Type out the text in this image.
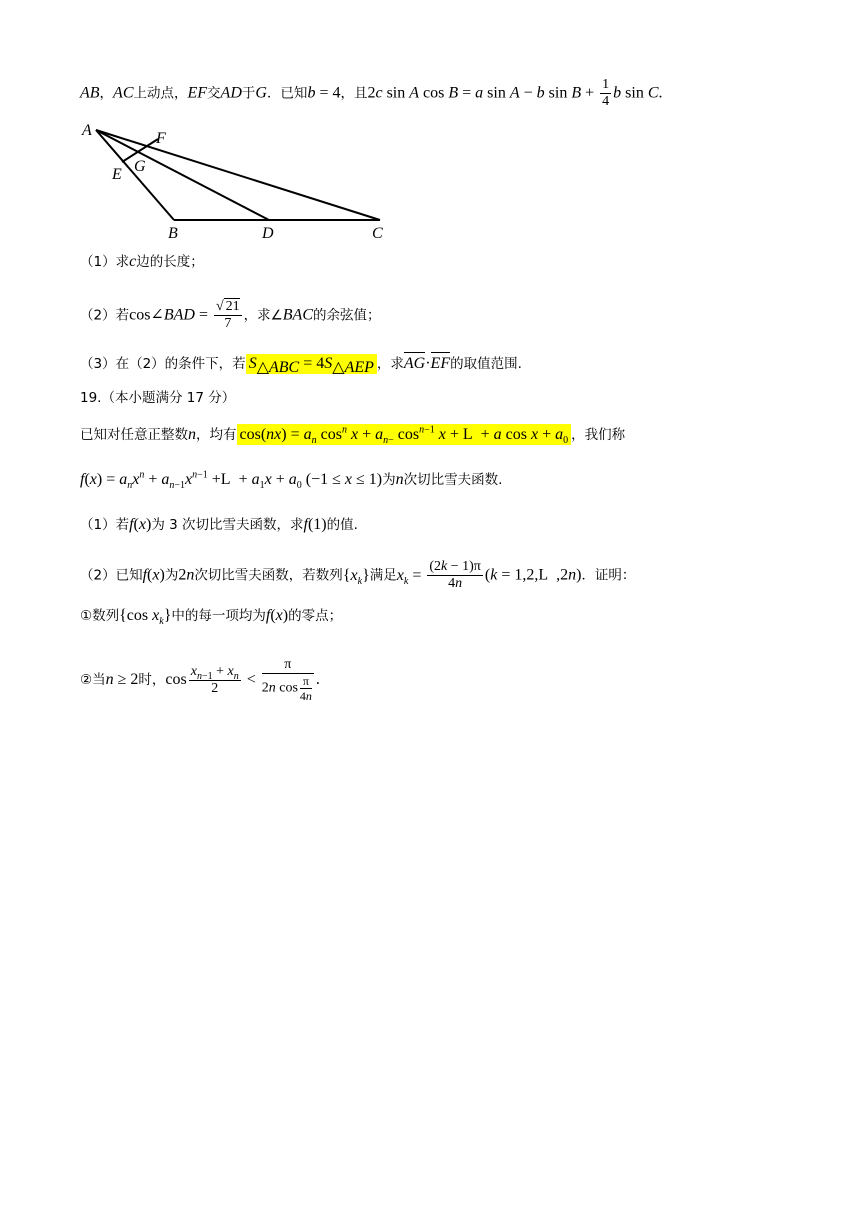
AB，AC上动点，EF交AD于G．已知b = 4，且2c sin A cos B = a sin A − b $\sin B + \frac{1}{4}$ b sin C.
A	F
G
E
B	D	C
（1）求c边的长度；
（2）若cos∠BAD = $\frac{√ 21}{7}$ ，求∠BAC的余弦值；
（3）在（2）的条件下，若 $S_{\triangle ABC} = 4S_{\triangle AEP}$ ，求AG·EF的取值范围.
19.（本小题满分 17 分）
已知对任意正整数n，均有 $\cos(nx) = a_n$ $\cos^n x + a_{n-}$ $\cos^{n-1} x + L + a$ $\cos x + a_0$ ，我们称
$f(x) = a_nx^n + a_{n-1}x^{n-1} +L + a_1x + a_0$ (−1 ≤ x ≤ 1)为n次切比雪夫函数.
（1）若f(x)为 3 次切比雪夫函数，求f(1)的值.
（2）已知f(x)为2n次切比雪夫函数，若数列$\{x_k\}$满足$x_k = \frac{(2k - 1)\pi}{4n} (k = 1,2,L$  ,2n)．证明：
①数列{cos $x_k$}中的每一项均为f(x)的零点；
②当n ≥ 2时，$\cos \frac{x_{n-1} + x_n}{2} < \frac{\pi}{2n \cos \frac{\pi}{4n}}$ .
